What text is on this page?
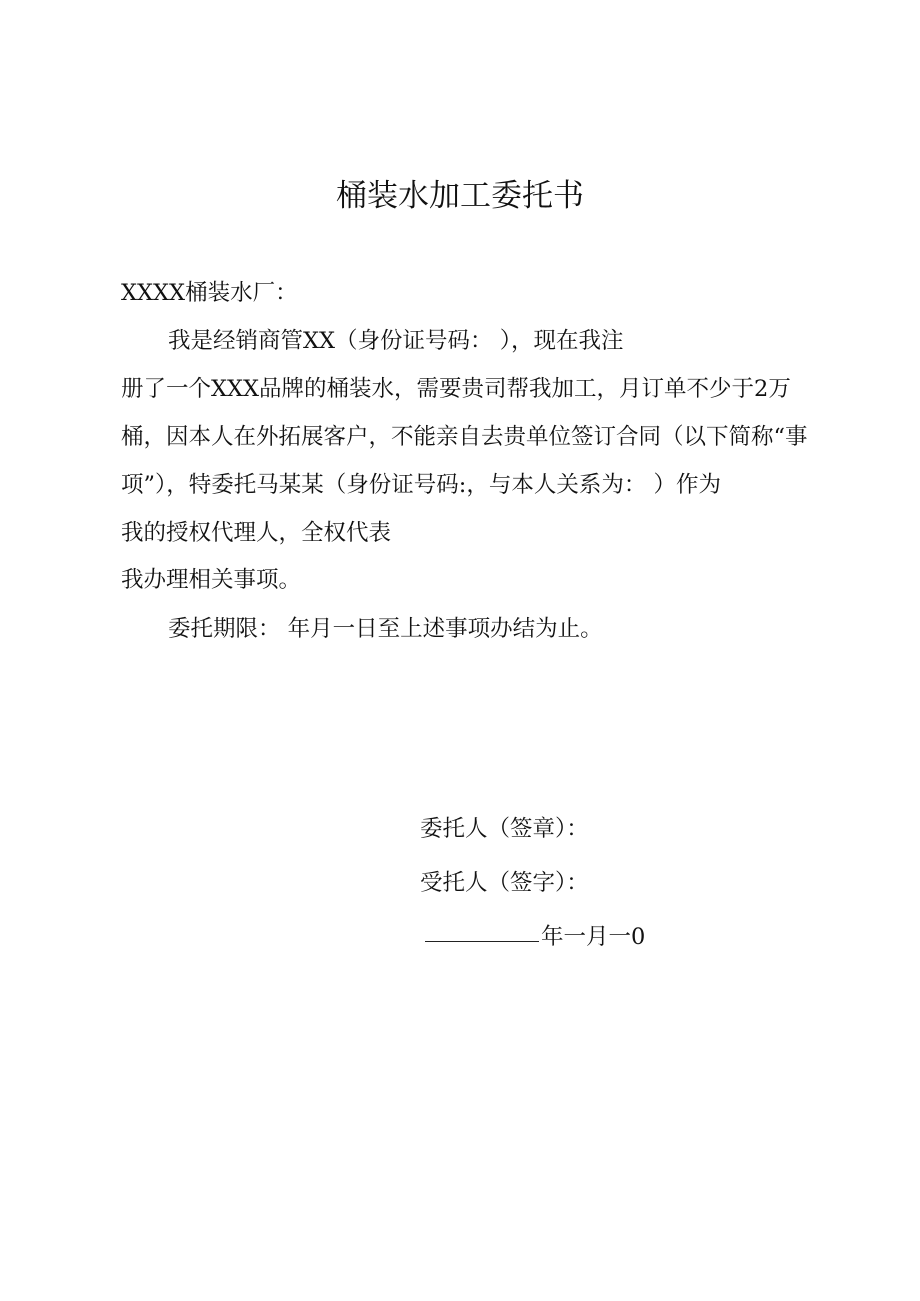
桶装水加工委托书
XXXX桶装水厂：
我是经销商管XX（身份证号码： ），现在我注
册了一个XXX品牌的桶装水，需要贵司帮我加工，月订单不少于2万
桶，因本人在外拓展客户，不能亲自去贵单位签订合同（以下简称“事
项”），特委托马某某（身份证号码:，与本人关系为： ）作为
我的授权代理人，全权代表
我办理相关事项。
委托期限： 年月一日至上述事项办结为止。
委托人（签章）：
受托人（签字）：
年一月一0
